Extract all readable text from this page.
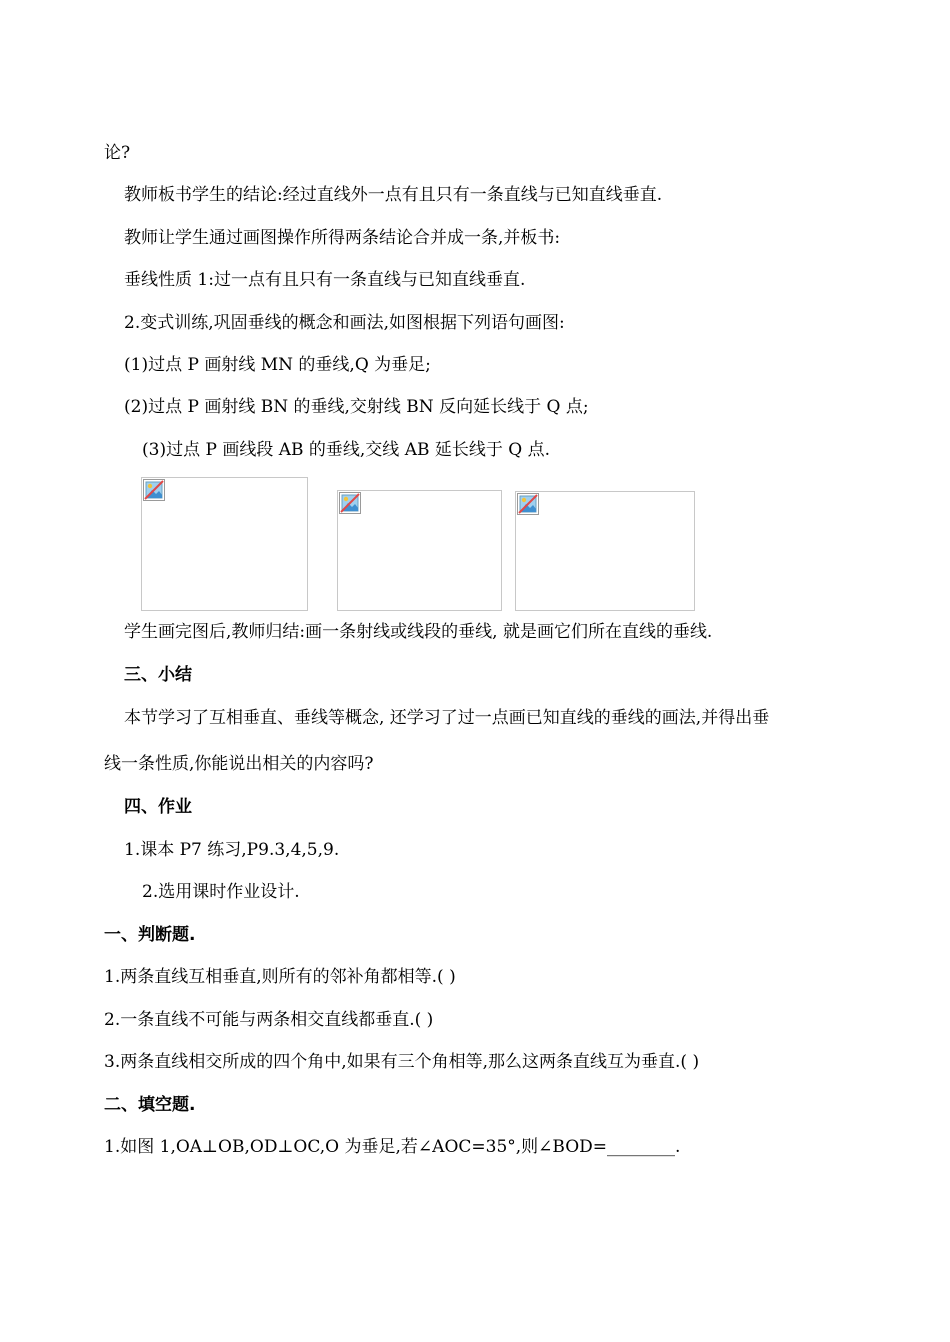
论?
教师板书学生的结论:经过直线外一点有且只有一条直线与已知直线垂直.
教师让学生通过画图操作所得两条结论合并成一条,并板书:
垂线性质 1:过一点有且只有一条直线与已知直线垂直.
2.变式训练,巩固垂线的概念和画法,如图根据下列语句画图:
(1)过点 P 画射线 MN 的垂线,Q 为垂足;
(2)过点 P 画射线 BN 的垂线,交射线 BN 反向延长线于 Q 点;
(3)过点 P 画线段 AB 的垂线,交线 AB 延长线于 Q 点.
学生画完图后,教师归结:画一条射线或线段的垂线, 就是画它们所在直线的垂线.
三、小结
本节学习了互相垂直、垂线等概念, 还学习了过一点画已知直线的垂线的画法,并得出垂
线一条性质,你能说出相关的内容吗?
四、作业
1.课本 P7 练习,P9.3,4,5,9.
2.选用课时作业设计.
一、判断题.
1.两条直线互相垂直,则所有的邻补角都相等.( )
2.一条直线不可能与两条相交直线都垂直.( )
3.两条直线相交所成的四个角中,如果有三个角相等,那么这两条直线互为垂直.( )
二、填空题.
1.如图 1,OA⊥OB,OD⊥OC,O 为垂足,若∠AOC=35°,则∠BOD=________.
